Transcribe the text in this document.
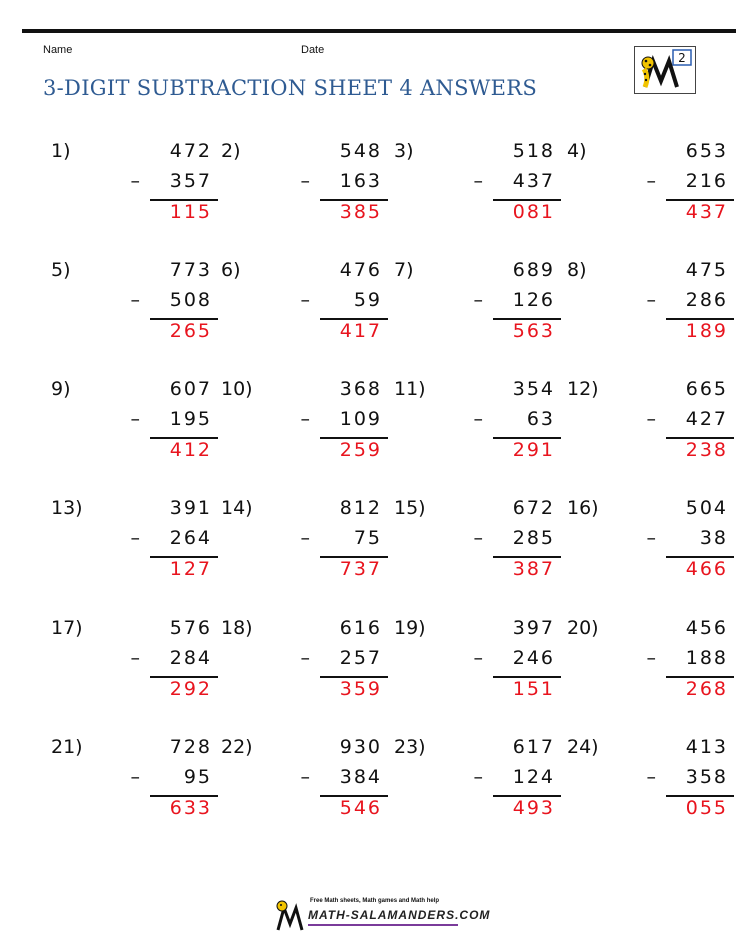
Name	Date
3-DIGIT SUBTRACTION SHEET 4 ANSWERS
2
1)	472
– 357
115
2)	548
– 163
385
3)	518
– 437
081
4)	653
– 216
437
5)	773
– 508
265
6)	476
– 59
417
7)	689
– 126
563
8)	475
– 286
189
9)	607
– 195
412
10)	368
– 109
259
11)	354
– 63
291
12)	665
– 427
238
13)	391
– 264
127
14)	812
– 75
737
15)	672
– 285
387
16)	504
– 38
466
17)	576
– 284
292
18)	616
– 257
359
19)	397
– 246
151
20)	456
– 188
268
21)	728
– 95
633
22)	930
– 384
546
23)	617
– 124
493
24)	413
– 358
055
Free Math sheets, Math games and Math help
MATH-SALAMANDERS.COM
